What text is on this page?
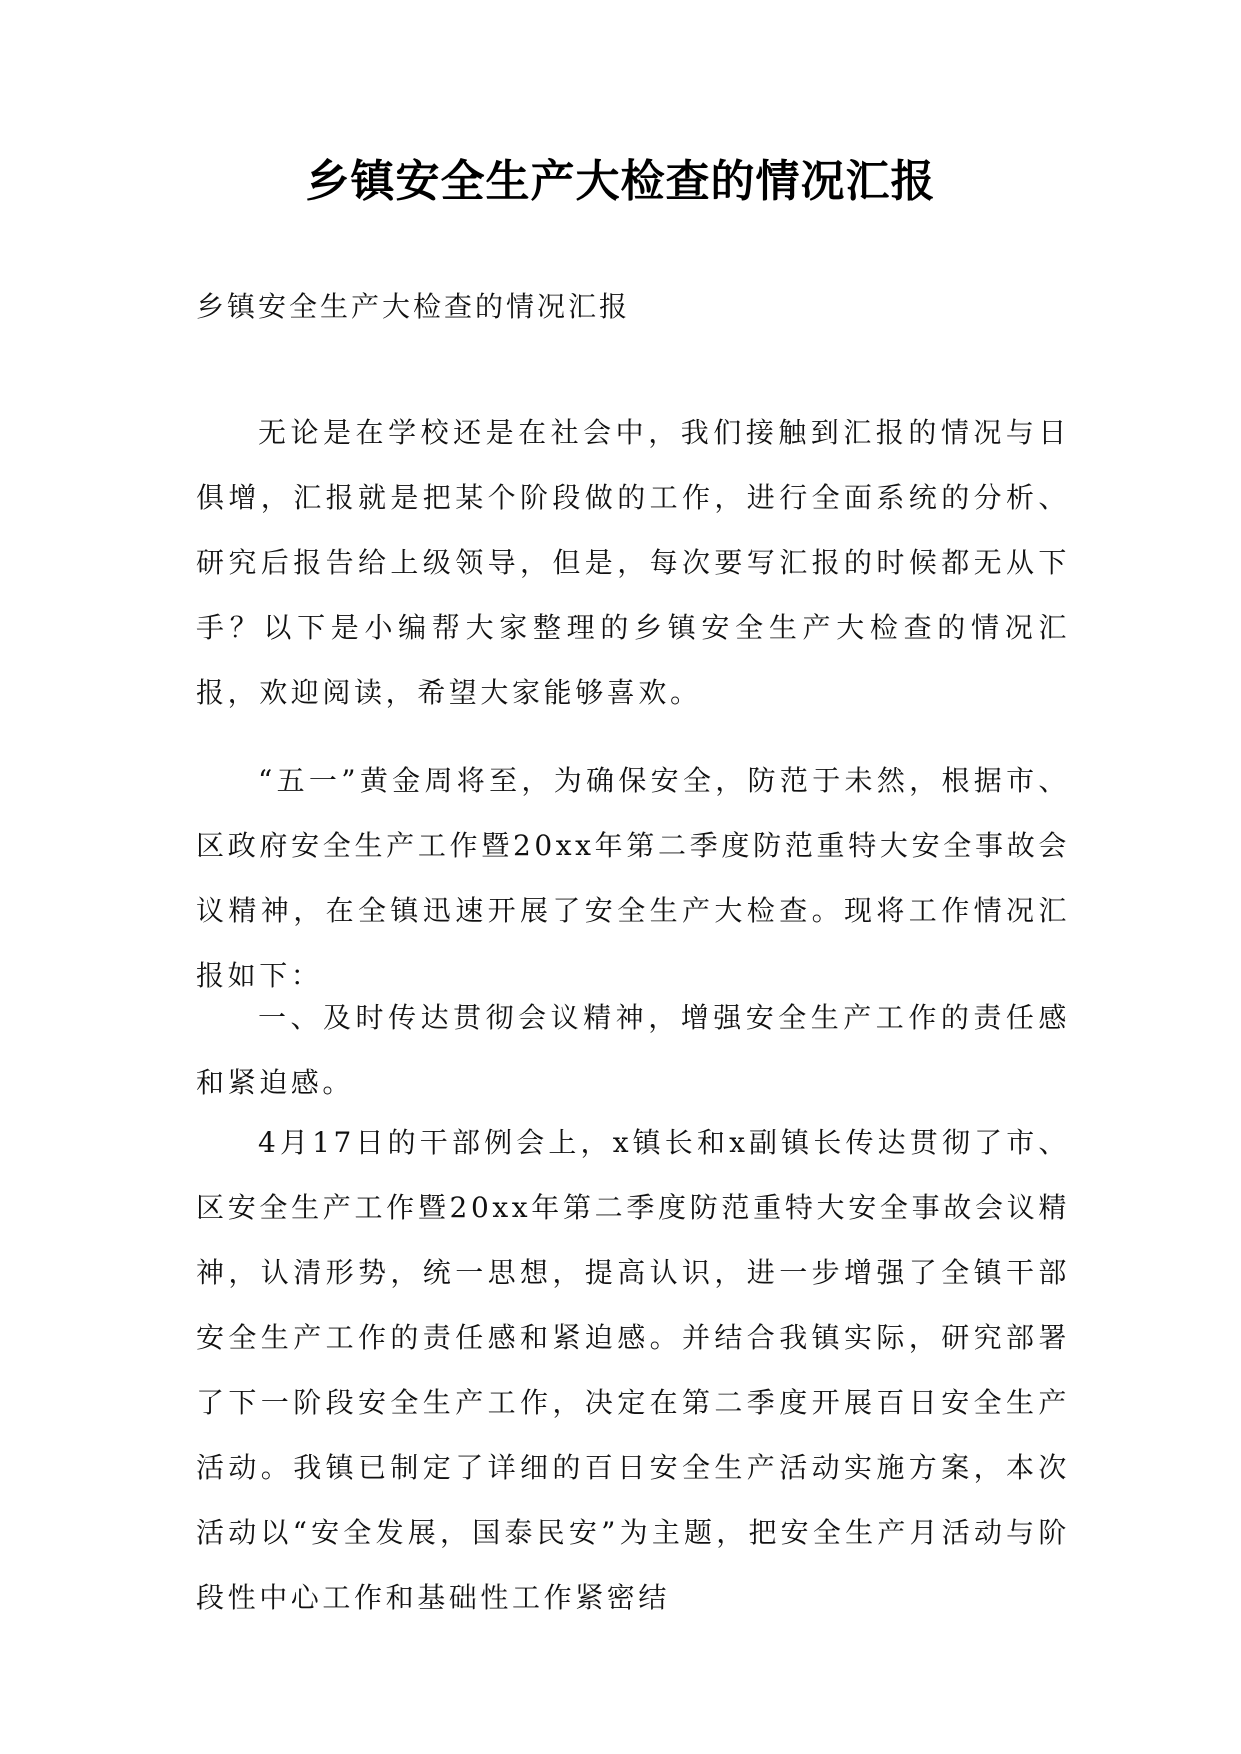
乡镇安全生产大检查的情况汇报
乡镇安全生产大检查的情况汇报

无论是在学校还是在社会中，我们接触到汇报的情况与日俱增，汇报就是把某个阶段做的工作，进行全面系统的分析、研究后报告给上级领导，但是，每次要写汇报的时候都无从下手？以下是小编帮大家整理的乡镇安全生产大检查的情况汇报，欢迎阅读，希望大家能够喜欢。

“五一”黄金周将至，为确保安全，防范于未然，根据市、区政府安全生产工作暨20xx年第二季度防范重特大安全事故会议精神，在全镇迅速开展了安全生产大检查。现将工作情况汇报如下：

一、及时传达贯彻会议精神，增强安全生产工作的责任感和紧迫感。

4月17日的干部例会上，x镇长和x副镇长传达贯彻了市、区安全生产工作暨20xx年第二季度防范重特大安全事故会议精神，认清形势，统一思想，提高认识，进一步增强了全镇干部安全生产工作的责任感和紧迫感。并结合我镇实际，研究部署了下一阶段安全生产工作，决定在第二季度开展百日安全生产活动。我镇已制定了详细的百日安全生产活动实施方案，本次活动以“安全发展，国泰民安”为主题，把安全生产月活动与阶段性中心工作和基础性工作紧密结
